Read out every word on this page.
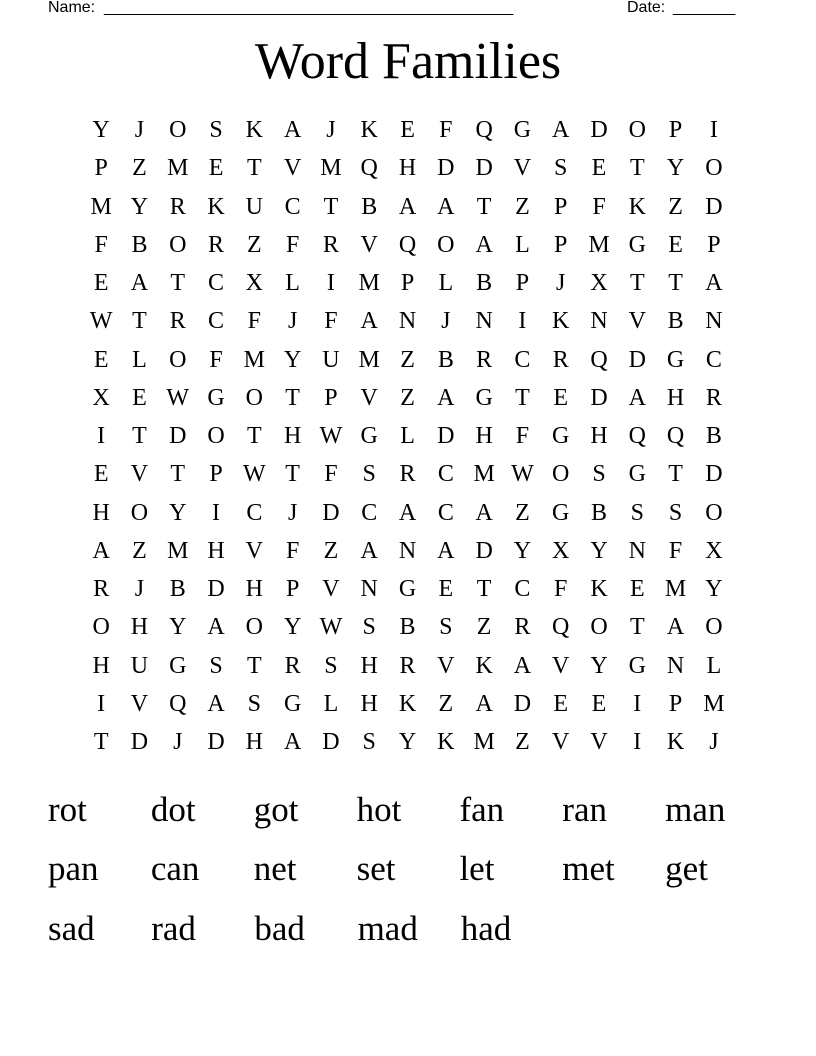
Name: ______________________________________________	Date: _______
Word Families
Y	J	O S K A	J	K E	F Q G A D O P	I
P	Z M E T V M Q H D D V S	E T Y O
M Y R K U C T B A A T Z	P	F K Z D
F B O R Z	F R V Q O A L	P M G E	P
E A T C X L	I M P	L B P	J	X T T A
W T R C F	J	F A N	J	N	I	K N V B N
E L O F M Y U M Z B R C R Q D G C
X E W G O T	P V Z A G T E D A H R
I	T D O T H W G L D H F G H Q Q B
E V T	P W T	F	S R C M W O S G T D
H O Y	I	C	J	D C A C A Z G B S	S O
A Z M H V F	Z A N A D Y X Y N F X
R	J	B D H P V N G E T C F K E M Y
O H Y A O Y W S B S	Z R Q O T A O
H U G S	T R S H R V K A V Y G N L
I	V Q A S G L H K Z A D E E	I	P M
T D	J	D H A D S Y K M Z V V	I	K	J
rot	dot	got	hot	fan	ran	man
pan	can	net	set	let	met	get
sad	rad	bad	mad	had
